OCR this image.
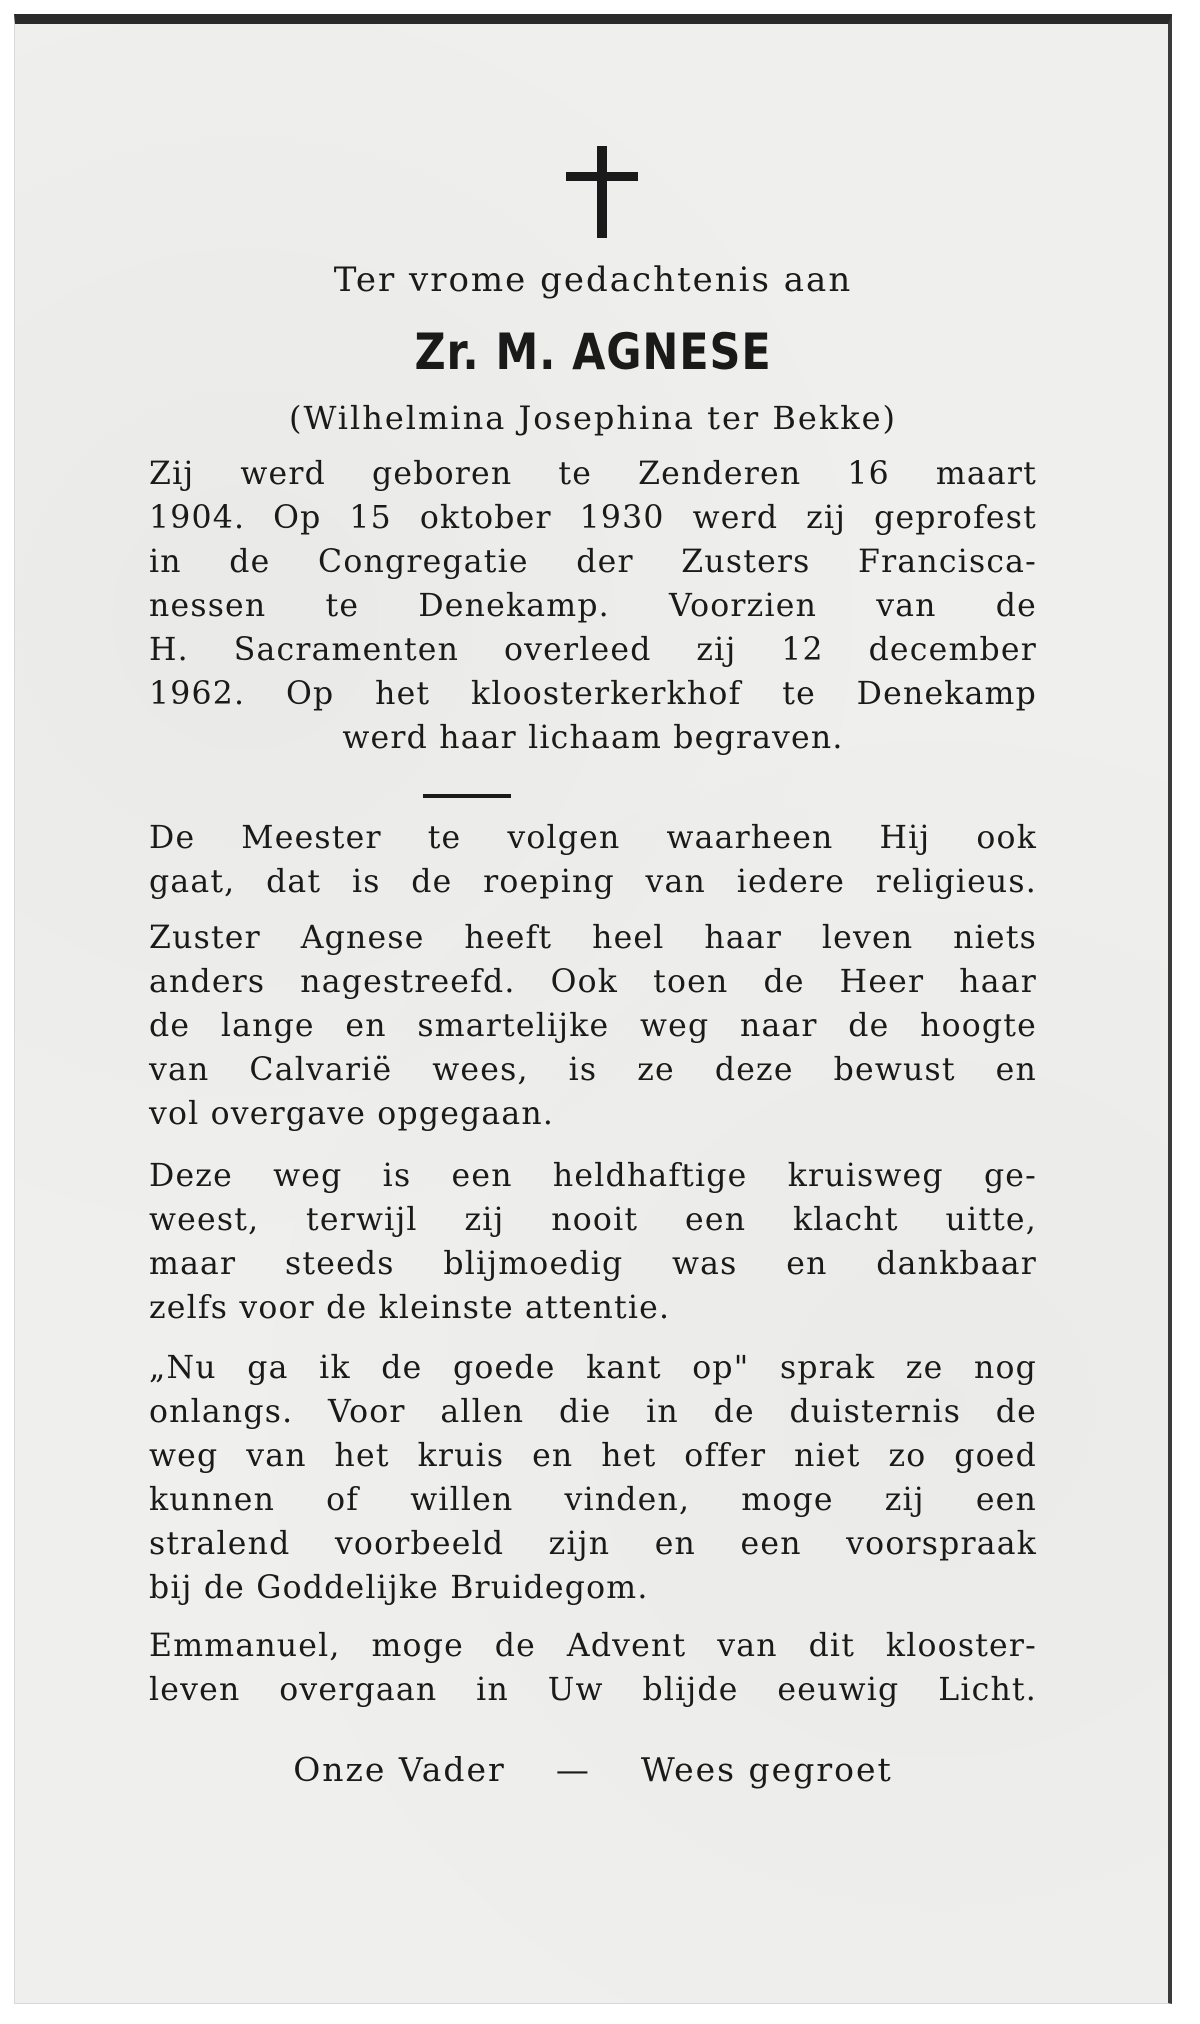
Ter vrome gedachtenis aan
Zr. M. AGNESE
(Wilhelmina Josephina ter Bekke)
Zij werd geboren te Zenderen 16 maart
1904. Op 15 oktober 1930 werd zij geprofest
in de Congregatie der Zusters Francisca-
nessen te Denekamp. Voorzien van de
H. Sacramenten overleed zij 12 december
1962. Op het kloosterkerkhof te Denekamp
werd haar lichaam begraven.
De Meester te volgen waarheen Hij ook
gaat, dat is de roeping van iedere religieus.
Zuster Agnese heeft heel haar leven niets
anders nagestreefd. Ook toen de Heer haar
de lange en smartelijke weg naar de hoogte
van Calvarië wees, is ze deze bewust en
vol overgave opgegaan.
Deze weg is een heldhaftige kruisweg ge-
weest, terwijl zij nooit een klacht uitte,
maar steeds blijmoedig was en dankbaar
zelfs voor de kleinste attentie.
„Nu ga ik de goede kant op" sprak ze nog
onlangs. Voor allen die in de duisternis de
weg van het kruis en het offer niet zo goed
kunnen of willen vinden, moge zij een
stralend voorbeeld zijn en een voorspraak
bij de Goddelijke Bruidegom.
Emmanuel, moge de Advent van dit klooster-
leven overgaan in Uw blijde eeuwig Licht.
Onze Vader — Wees gegroet
